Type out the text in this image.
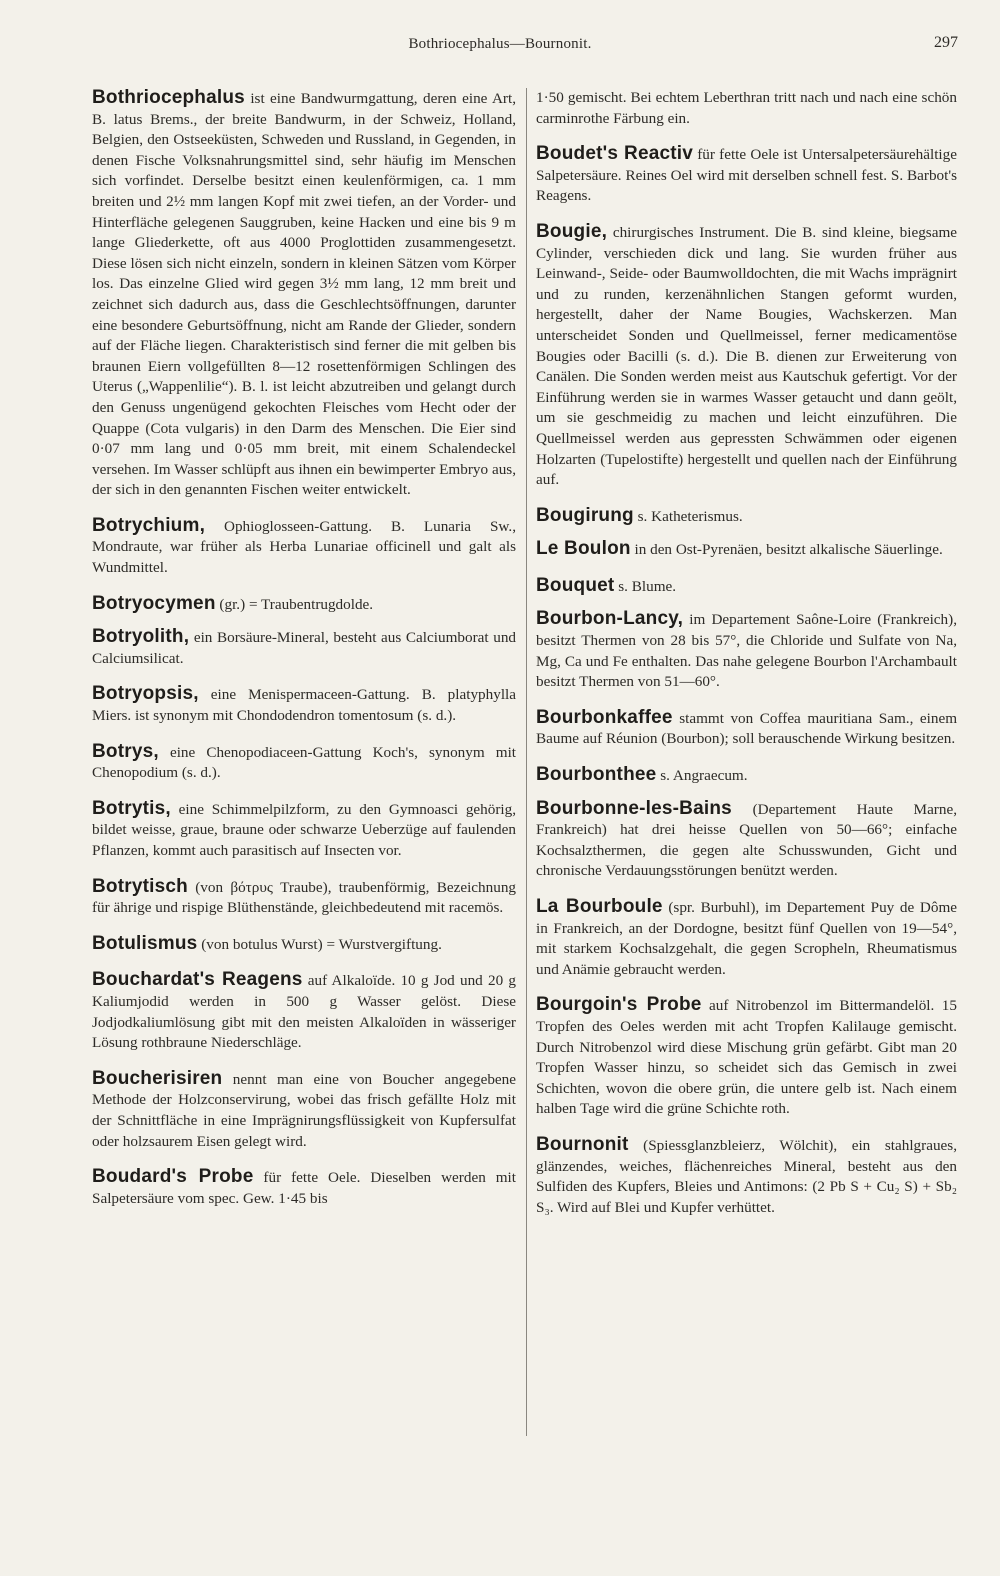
Bothriocephalus—Bournonit.	297

Bothriocephalus ist eine Bandwurmgattung, deren eine Art, B. latus Brems., der breite Bandwurm, in der Schweiz, Holland, Belgien, den Ostseeküsten, Schweden und Russland, in Gegenden, in denen Fische Volksnahrungsmittel sind, sehr häufig im Menschen sich vorfindet. Derselbe besitzt einen keulenförmigen, ca. 1 mm breiten und 2½ mm langen Kopf mit zwei tiefen, an der Vorder- und Hinterfläche gelegenen Sauggruben, keine Hacken und eine bis 9 m lange Gliederkette, oft aus 4000 Proglottiden zusammengesetzt. Diese lösen sich nicht einzeln, sondern in kleinen Sätzen vom Körper los. Das einzelne Glied wird gegen 3½ mm lang, 12 mm breit und zeichnet sich dadurch aus, dass die Geschlechtsöffnungen, darunter eine besondere Geburtsöffnung, nicht am Rande der Glieder, sondern auf der Fläche liegen. Charakteristisch sind ferner die mit gelben bis braunen Eiern vollgefüllten 8—12 rosettenförmigen Schlingen des Uterus („Wappenlilie“). B. l. ist leicht abzutreiben und gelangt durch den Genuss ungenügend gekochten Fleisches vom Hecht oder der Quappe (Cota vulgaris) in den Darm des Menschen. Die Eier sind 0·07 mm lang und 0·05 mm breit, mit einem Schalendeckel versehen. Im Wasser schlüpft aus ihnen ein bewimperter Embryo aus, der sich in den genannten Fischen weiter entwickelt.

Botrychium, Ophioglosseen-Gattung. B. Lunaria Sw., Mondraute, war früher als Herba Lunariae officinell und galt als Wundmittel.

Botryocymen (gr.) = Traubentrugdolde.

Botryolith, ein Borsäure-Mineral, besteht aus Calciumborat und Calciumsilicat.

Botryopsis, eine Menispermaceen-Gattung. B. platyphylla Miers. ist synonym mit Chondodendron tomentosum (s. d.).

Botrys, eine Chenopodiaceen-Gattung Koch's, synonym mit Chenopodium (s. d.).

Botrytis, eine Schimmelpilzform, zu den Gymnoasci gehörig, bildet weisse, graue, braune oder schwarze Ueberzüge auf faulenden Pflanzen, kommt auch parasitisch auf Insecten vor.

Botrytisch (von βότρυς Traube), traubenförmig, Bezeichnung für ährige und rispige Blüthenstände, gleichbedeutend mit racemös.

Botulismus (von botulus Wurst) = Wurstvergiftung.

Bouchardat's Reagens auf Alkaloïde. 10 g Jod und 20 g Kaliumjodid werden in 500 g Wasser gelöst. Diese Jodjodkaliumlösung gibt mit den meisten Alkaloïden in wässeriger Lösung rothbraune Niederschläge.

Boucherisiren nennt man eine von Boucher angegebene Methode der Holzconservirung, wobei das frisch gefällte Holz mit der Schnittfläche in eine Imprägnirungsflüssigkeit von Kupfersulfat oder holzsaurem Eisen gelegt wird.

Boudard's Probe für fette Oele. Dieselben werden mit Salpetersäure vom spec. Gew. 1·45 bis

1·50 gemischt. Bei echtem Leberthran tritt nach und nach eine schön carminrothe Färbung ein.

Boudet's Reactiv für fette Oele ist Untersalpetersäurehältige Salpetersäure. Reines Oel wird mit derselben schnell fest. S. Barbot's Reagens.

Bougie, chirurgisches Instrument. Die B. sind kleine, biegsame Cylinder, verschieden dick und lang. Sie wurden früher aus Leinwand-, Seide- oder Baumwolldochten, die mit Wachs imprägnirt und zu runden, kerzenähnlichen Stangen geformt wurden, hergestellt, daher der Name Bougies, Wachskerzen. Man unterscheidet Sonden und Quellmeissel, ferner medicamentöse Bougies oder Bacilli (s. d.). Die B. dienen zur Erweiterung von Canälen. Die Sonden werden meist aus Kautschuk gefertigt. Vor der Einführung werden sie in warmes Wasser getaucht und dann geölt, um sie geschmeidig zu machen und leicht einzuführen. Die Quellmeissel werden aus gepressten Schwämmen oder eigenen Holzarten (Tupelostifte) hergestellt und quellen nach der Einführung auf.

Bougirung s. Katheterismus.

Le Boulon in den Ost-Pyrenäen, besitzt alkalische Säuerlinge.

Bouquet s. Blume.

Bourbon-Lancy, im Departement Saône-Loire (Frankreich), besitzt Thermen von 28 bis 57°, die Chloride und Sulfate von Na, Mg, Ca und Fe enthalten. Das nahe gelegene Bourbon l'Archambault besitzt Thermen von 51—60°.

Bourbonkaffee stammt von Coffea mauritiana Sam., einem Baume auf Réunion (Bourbon); soll berauschende Wirkung besitzen.

Bourbonthee s. Angraecum.

Bourbonne-les-Bains (Departement Haute Marne, Frankreich) hat drei heisse Quellen von 50—66°; einfache Kochsalzthermen, die gegen alte Schusswunden, Gicht und chronische Verdauungsstörungen benützt werden.

La Bourboule (spr. Burbuhl), im Departement Puy de Dôme in Frankreich, an der Dordogne, besitzt fünf Quellen von 19—54°, mit starkem Kochsalzgehalt, die gegen Scropheln, Rheumatismus und Anämie gebraucht werden.

Bourgoin's Probe auf Nitrobenzol im Bittermandelöl. 15 Tropfen des Oeles werden mit acht Tropfen Kalilauge gemischt. Durch Nitrobenzol wird diese Mischung grün gefärbt. Gibt man 20 Tropfen Wasser hinzu, so scheidet sich das Gemisch in zwei Schichten, wovon die obere grün, die untere gelb ist. Nach einem halben Tage wird die grüne Schichte roth.

Bournonit (Spiessglanzbleierz, Wölchit), ein stahlgraues, glänzendes, weiches, flächenreiches Mineral, besteht aus den Sulfiden des Kupfers, Bleies und Antimons: (2 Pb S + Cu₂ S) + Sb₂ S₃. Wird auf Blei und Kupfer verhüttet.
